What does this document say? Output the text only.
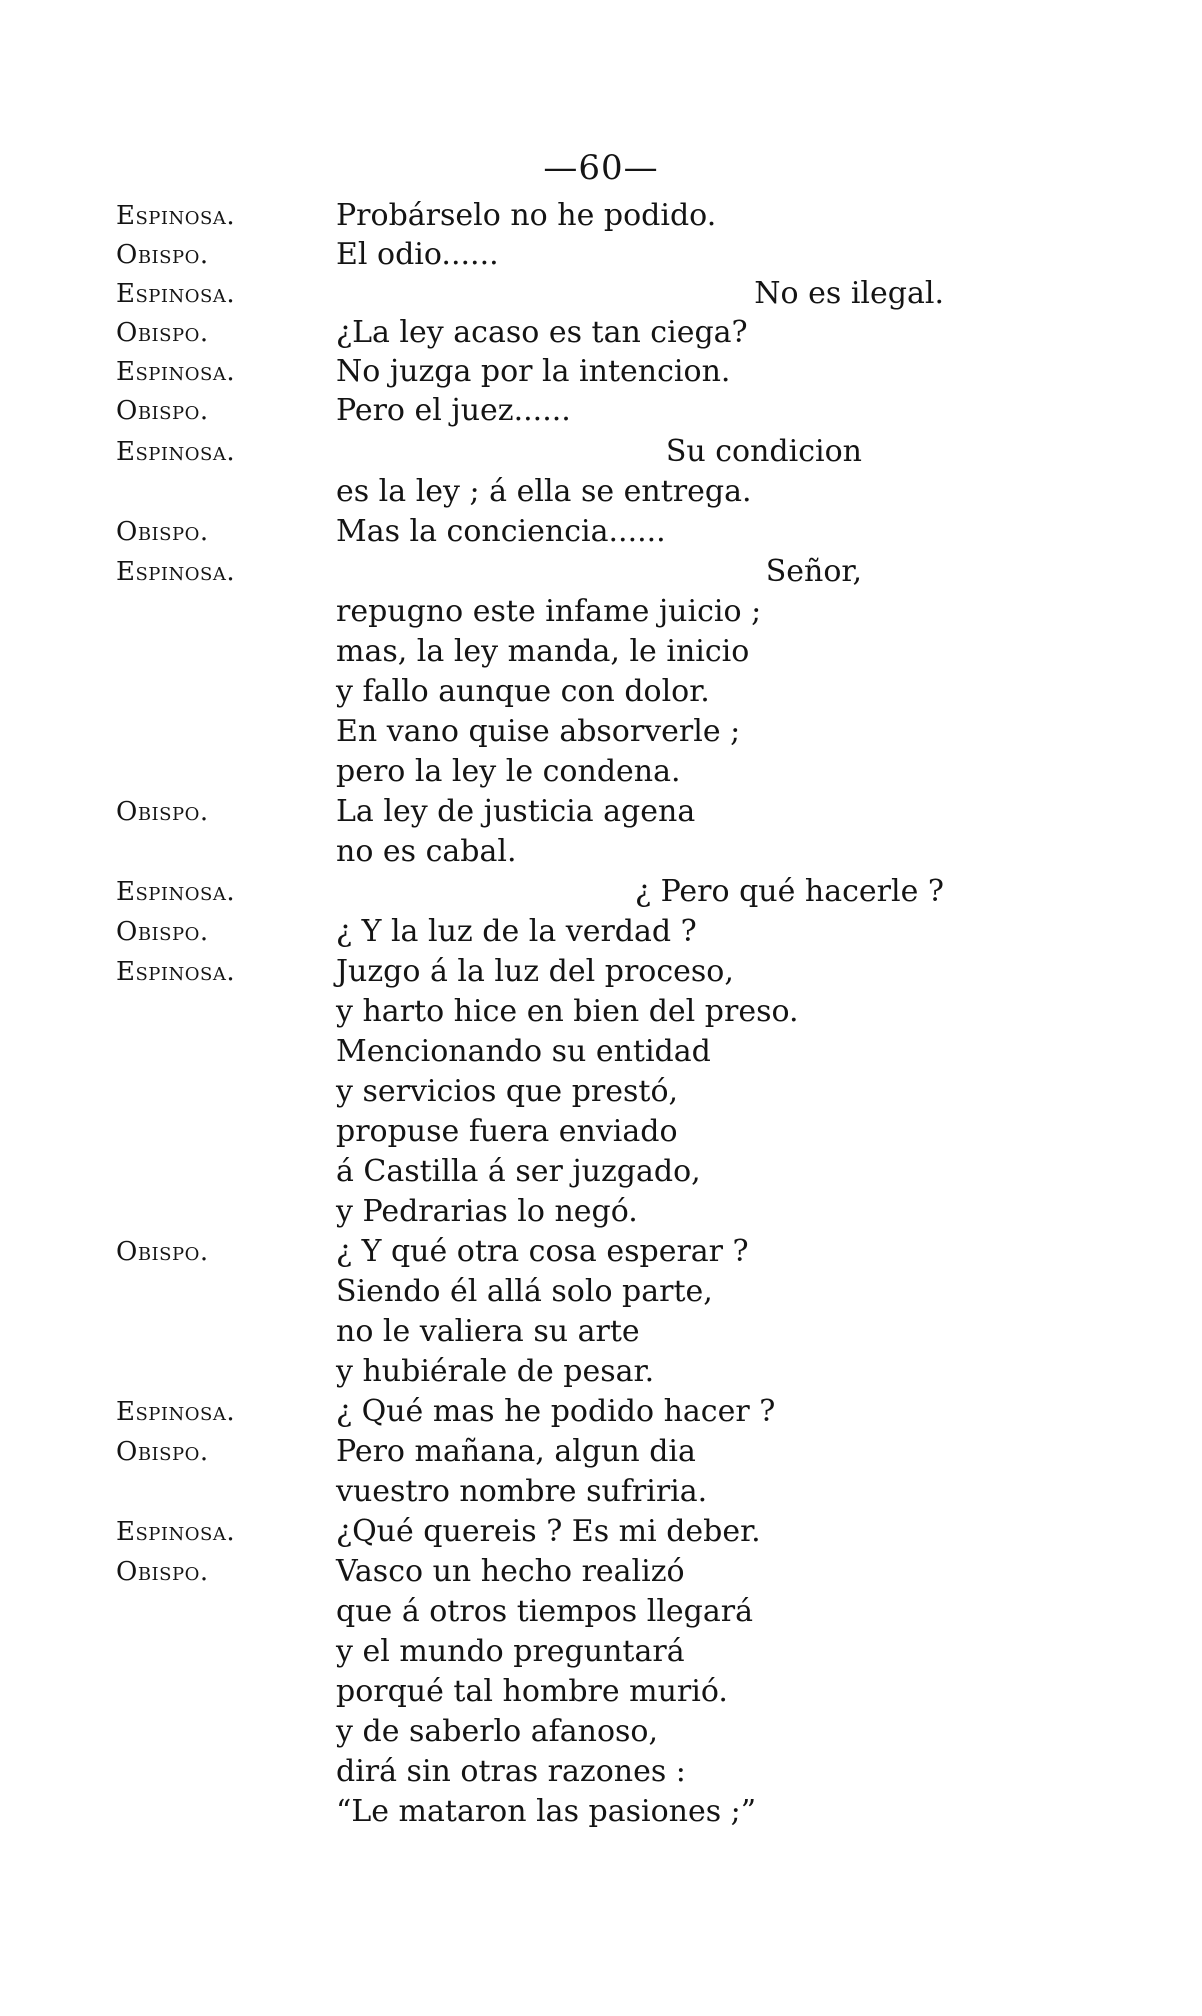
—60—
Espinosa.	Probárselo no he podido.
Obispo.	El odio......
Espinosa.	No es ilegal.
Obispo.	¿La ley acaso es tan ciega?
Espinosa.	No juzga por la intencion.
Obispo.	Pero el juez......
Espinosa.	Su condicion
es la ley ; á ella se entrega.
Obispo.	Mas la conciencia......
Espinosa.	Señor,
repugno este infame juicio ;
mas, la ley manda, le inicio
y fallo aunque con dolor.
En vano quise absorverle ;
pero la ley le condena.
Obispo.	La ley de justicia agena
no es cabal.
Espinosa.	¿ Pero qué hacerle ?
Obispo.	¿ Y la luz de la verdad ?
Espinosa.	Juzgo á la luz del proceso,
y harto hice en bien del preso.
Mencionando su entidad
y servicios que prestó,
propuse fuera enviado
á Castilla á ser juzgado,
y Pedrarias lo negó.
Obispo.	¿ Y qué otra cosa esperar ?
Siendo él allá solo parte,
no le valiera su arte
y hubiérale de pesar.
Espinosa.	¿ Qué mas he podido hacer ?
Obispo.	Pero mañana, algun dia
vuestro nombre sufriria.
Espinosa.	¿Qué quereis ? Es mi deber.
Obispo.	Vasco un hecho realizó
que á otros tiempos llegará
y el mundo preguntará
porqué tal hombre murió.
y de saberlo afanoso,
dirá sin otras razones :
“Le mataron las pasiones ;”
